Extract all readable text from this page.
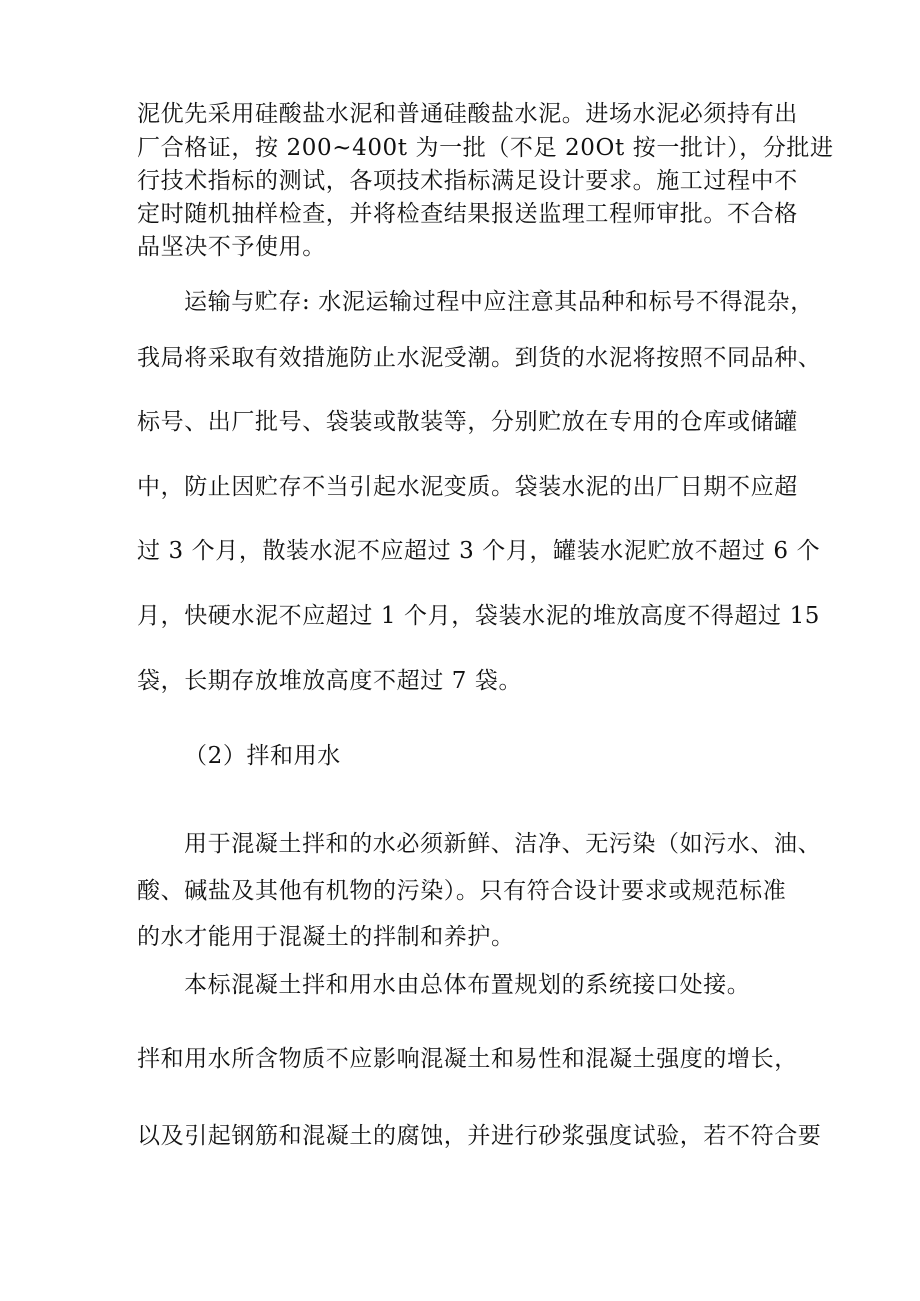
泥优先采用硅酸盐水泥和普通硅酸盐水泥。进场水泥必须持有出
厂合格证，按 200~400t 为一批（不足 20Ot 按一批计），分批进
行技术指标的测试，各项技术指标满足设计要求。施工过程中不
定时随机抽样检查，并将检查结果报送监理工程师审批。不合格
品坚决不予使用。
运输与贮存: 水泥运输过程中应注意其品种和标号不得混杂，
我局将采取有效措施防止水泥受潮。到货的水泥将按照不同品种、
标号、出厂批号、袋装或散装等，分别贮放在专用的仓库或储罐
中，防止因贮存不当引起水泥变质。袋装水泥的出厂日期不应超
过 3 个月，散装水泥不应超过 3 个月，罐装水泥贮放不超过 6 个
月，快硬水泥不应超过 1 个月，袋装水泥的堆放高度不得超过 15
袋，长期存放堆放高度不超过 7 袋。
（2）拌和用水
用于混凝土拌和的水必须新鲜、洁净、无污染（如污水、油、
酸、碱盐及其他有机物的污染）。只有符合设计要求或规范标准
的水才能用于混凝土的拌制和养护。
本标混凝土拌和用水由总体布置规划的系统接口处接。
拌和用水所含物质不应影响混凝土和易性和混凝土强度的增长，
以及引起钢筋和混凝土的腐蚀，并进行砂浆强度试验，若不符合要
